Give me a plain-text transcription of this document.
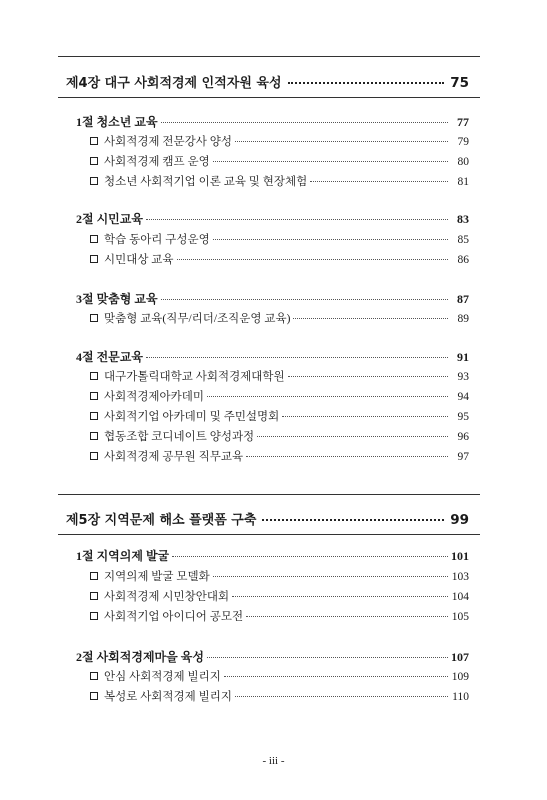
제4장 대구 사회적경제 인적자원 육성	75
1절 청소년 교육	77
사회적경제 전문강사 양성	79
사회적경제 캠프 운영	80
청소년 사회적기업 이론 교육 및 현장체험	81
2절 시민교육	83
학습 동아리 구성운영	85
시민대상 교육	86
3절 맞춤형 교육	87
맞춤형 교육(직무/리더/조직운영 교육)	89
4절 전문교육	91
대구가톨릭대학교 사회적경제대학원	93
사회적경제아카데미	94
사회적기업 아카데미 및 주민설명회	95
협동조합 코디네이트 양성과정	96
사회적경제 공무원 직무교육	97
제5장 지역문제 해소 플랫폼 구축	99
1절 지역의제 발굴	101
지역의제 발굴 모델화	103
사회적경제 시민창안대회	104
사회적기업 아이디어 공모전	105
2절 사회적경제마을 육성	107
안심 사회적경제 빌리지	109
복성로 사회적경제 빌리지	110
- iii -
